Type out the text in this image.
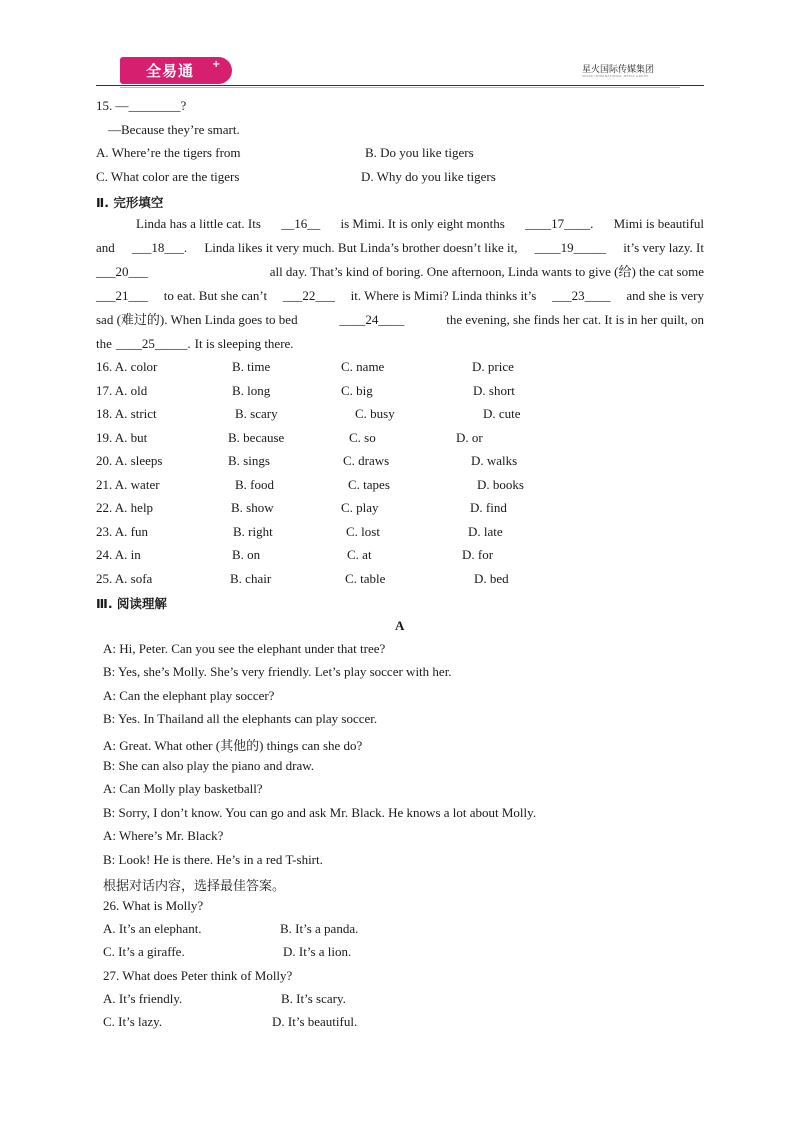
全易通 +	星火国际传媒集团
SPARK INTERNATIONAL MEDIA GROUP
15. —________?
—Because they’re smart.
A. Where’re the tigers from	B. Do you like tigers
C. What color are the tigers	D. Why do you like tigers
Ⅱ. 完形填空
Linda has a little cat. Its __16__ is Mimi. It is only eight months ____17____. Mimi is beautiful
and ___18___. Linda likes it very much. But Linda’s brother doesn’t like it, ____19_____ it’s very lazy. It
___20___	all day. That’s kind of boring. One afternoon, Linda wants to give (给) the cat some
___21___ to eat. But she can’t ___22___ it. Where is Mimi? Linda thinks it’s ___23____ and she is very
sad (难过的). When Linda goes to bed	____24____	the evening, she finds her cat. It is in her quilt, on
the ____25_____. It is sleeping there.
16. A. color	B. time	C. name	D. price
17. A. old	B. long	C. big	D. short
18. A. strict	B. scary	C. busy	D. cute
19. A. but	B. because	C. so	D. or
20. A. sleeps	B. sings	C. draws	D. walks
21. A. water	B. food	C. tapes	D. books
22. A. help	B. show	C. play	D. find
23. A. fun	B. right	C. lost	D. late
24. A. in	B. on	C. at	D. for
25. A. sofa	B. chair	C. table	D. bed
Ⅲ. 阅读理解
A
A: Hi, Peter. Can you see the elephant under that tree?
B: Yes, she’s Molly. She’s very friendly. Let’s play soccer with her.
A: Can the elephant play soccer?
B: Yes. In Thailand all the elephants can play soccer.
A: Great. What other (其他的) things can she do?
B: She can also play the piano and draw.
A: Can Molly play basketball?
B: Sorry, I don’t know. You can go and ask Mr. Black. He knows a lot about Molly.
A: Where’s Mr. Black?
B: Look! He is there. He’s in a red T-shirt.
根据对话内容，选择最佳答案。
26. What is Molly?
A. It’s an elephant.	B. It’s a panda.
C. It’s a giraffe.	D. It’s a lion.
27. What does Peter think of Molly?
A. It’s friendly.	B. It’s scary.
C. It’s lazy.	D. It’s beautiful.
